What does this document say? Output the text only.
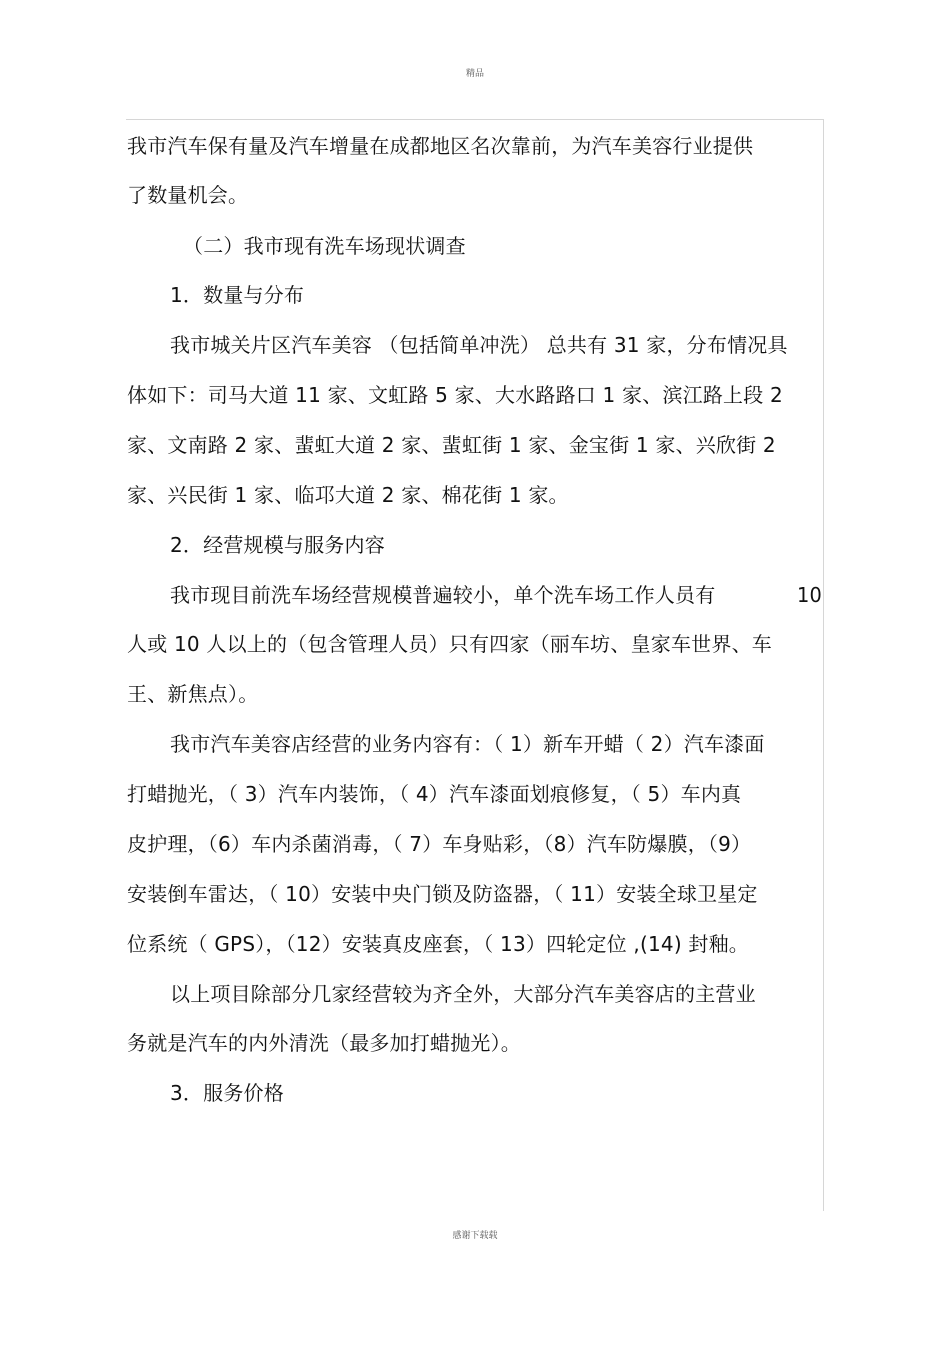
精品
我市汽车保有量及汽车增量在成都地区名次靠前，为汽车美容行业提供
了数量机会。
（二）我市现有洗车场现状调查
1．数量与分布
我市城关片区汽车美容 （包括简单冲洗） 总共有 31 家，分布情况具
体如下：司马大道 11 家、文虹路 5 家、大水路路口 1 家、滨江路上段 2
家、文南路 2 家、蜚虹大道 2 家、蜚虹街 1 家、金宝街 1 家、兴欣街 2
家、兴民街 1 家、临邛大道 2 家、棉花街 1 家。
2．经营规模与服务内容
我市现目前洗车场经营规模普遍较小，单个洗车场工作人员有	10
人或 10 人以上的（包含管理人员）只有四家（丽车坊、皇家车世界、车
王、新焦点）。
我市汽车美容店经营的业务内容有：（ 1）新车开蜡（ 2）汽车漆面
打蜡抛光，（ 3）汽车内装饰，（ 4）汽车漆面划痕修复，（ 5）车内真
皮护理，（6）车内杀菌消毒，（ 7）车身贴彩，（8）汽车防爆膜，（9）
安装倒车雷达，（ 10）安装中央门锁及防盗器，（ 11）安装全球卫星定
位系统（ GPS），（12）安装真皮座套，（ 13）四轮定位 ,(14) 封釉。
以上项目除部分几家经营较为齐全外，大部分汽车美容店的主营业
务就是汽车的内外清洗（最多加打蜡抛光）。
3．服务价格
感谢下载载
